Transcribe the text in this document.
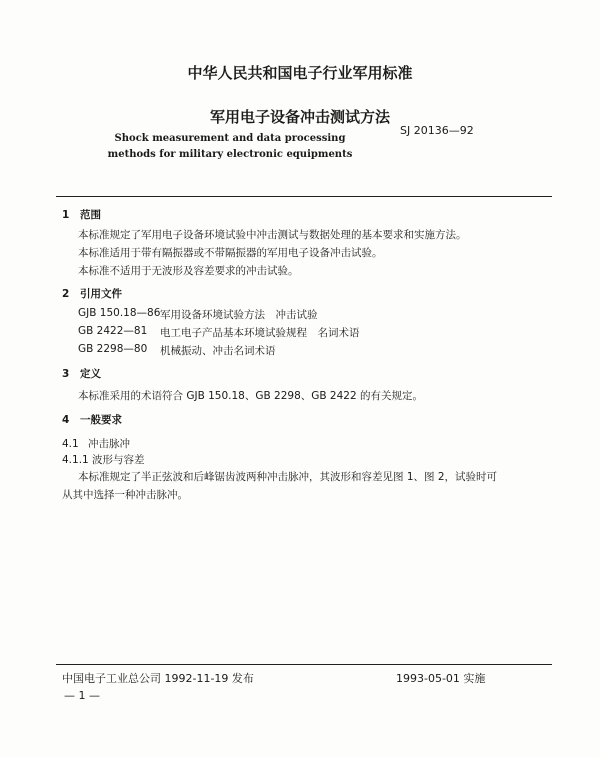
中华人民共和国电子行业军用标准
军用电子设备冲击测试方法
SJ 20136—92
Shock measurement and data processing
methods for military electronic equipments
1 范围
本标准规定了军用电子设备环境试验中冲击测试与数据处理的基本要求和实施方法。
本标准适用于带有隔振器或不带隔振器的军用电子设备冲击试验。
本标准不适用于无波形及容差要求的冲击试验。
2 引用文件
GJB 150.18—86 军用设备环境试验方法　冲击试验
GB 2422—81 电工电子产品基本环境试验规程　名词术语
GB 2298—80 机械振动、冲击名词术语
3 定义
本标准采用的术语符合 GJB 150.18、GB 2298、GB 2422 的有关规定。
4 一般要求
4.1 冲击脉冲
4.1.1 波形与容差
本标准规定了半正弦波和后峰锯齿波两种冲击脉冲，其波形和容差见图 1、图 2，试验时可
从其中选择一种冲击脉冲。
中国电子工业总公司 1992-11-19 发布	1993-05-01 实施
— 1 —
